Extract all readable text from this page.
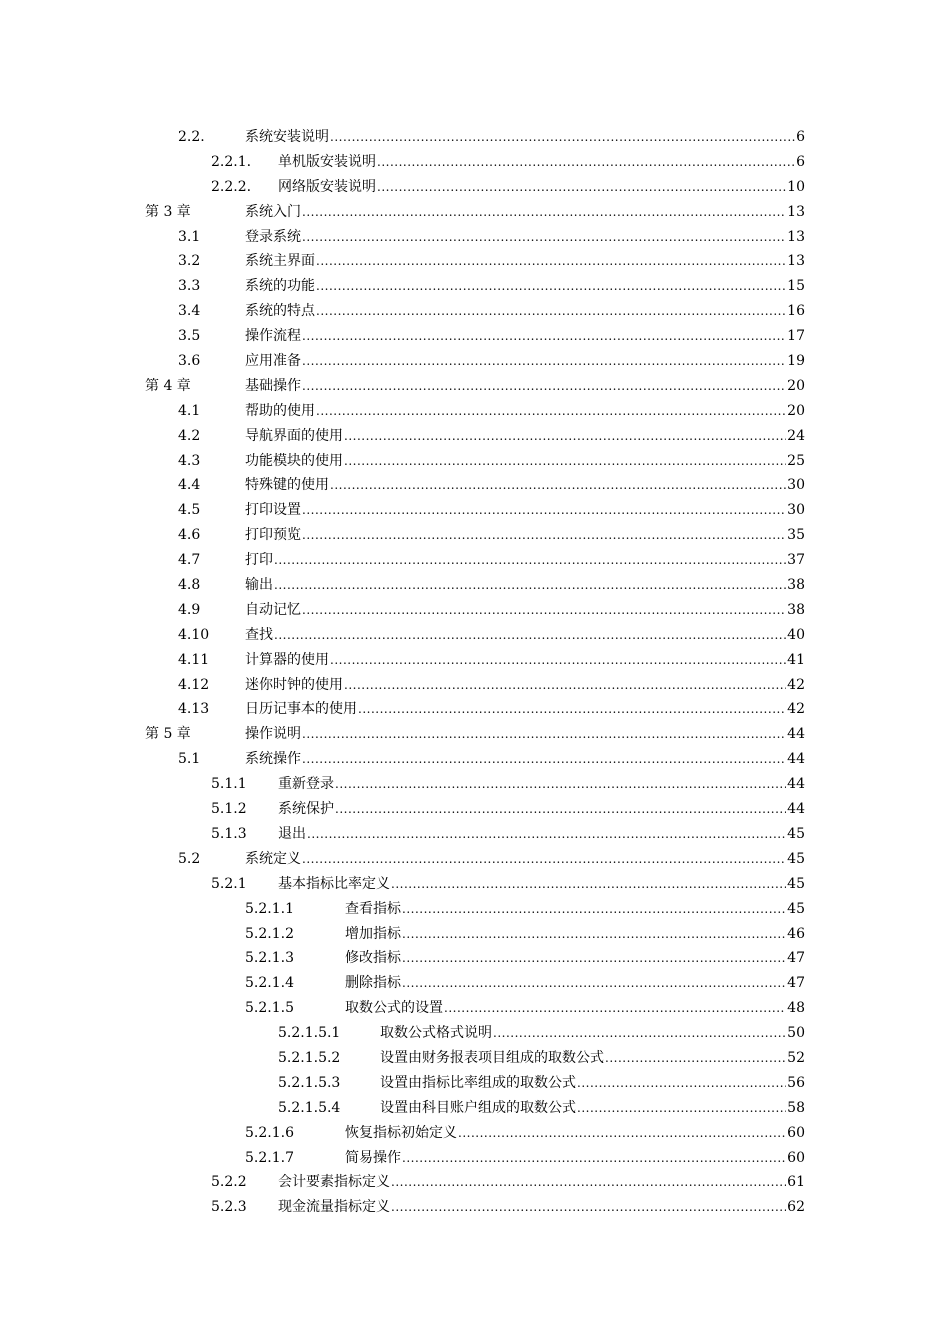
2.2.	系统安装说明 .....	6
2.2.1. 单机版安装说明 .....	6
2.2.2. 网络版安装说明 .....	10
第 3 章	系统入门 .....	13
3.1	登录系统 .....	13
3.2	系统主界面 .....	13
3.3	系统的功能 .....	15
3.4	系统的特点 .....	16
3.5	操作流程 .....	17
3.6	应用准备 .....	19
第 4 章	基础操作 .....	20
4.1	帮助的使用 .....	20
4.2	导航界面的使用 .....	24
4.3	功能模块的使用 .....	25
4.4	特殊键的使用 .....	30
4.5	打印设置 .....	30
4.6	打印预览 .....	35
4.7	打印 .....	37
4.8	输出 .....	38
4.9	自动记忆 .....	38
4.10	查找 .....	40
4.11	计算器的使用 .....	41
4.12	迷你时钟的使用 .....	42
4.13	日历记事本的使用 .....	42
第 5 章	操作说明 .....	44
5.1	系统操作 .....	44
5.1.1 重新登录 .....	44
5.1.2 系统保护 .....	44
5.1.3 退出 .....	45
5.2	系统定义 .....	45
5.2.1 基本指标比率定义 .....	45
5.2.1.1	查看指标 .....	45
5.2.1.2	增加指标 .....	46
5.2.1.3	修改指标 .....	47
5.2.1.4	删除指标 .....	47
5.2.1.5	取数公式的设置 .....	48
5.2.1.5.1	取数公式格式说明 .....	50
5.2.1.5.2	设置由财务报表项目组成的取数公式 .....	52
5.2.1.5.3	设置由指标比率组成的取数公式 .....	56
5.2.1.5.4	设置由科目账户组成的取数公式 .....	58
5.2.1.6	恢复指标初始定义 .....	60
5.2.1.7	简易操作 .....	60
5.2.2 会计要素指标定义 .....	61
5.2.3 现金流量指标定义 .....	62
